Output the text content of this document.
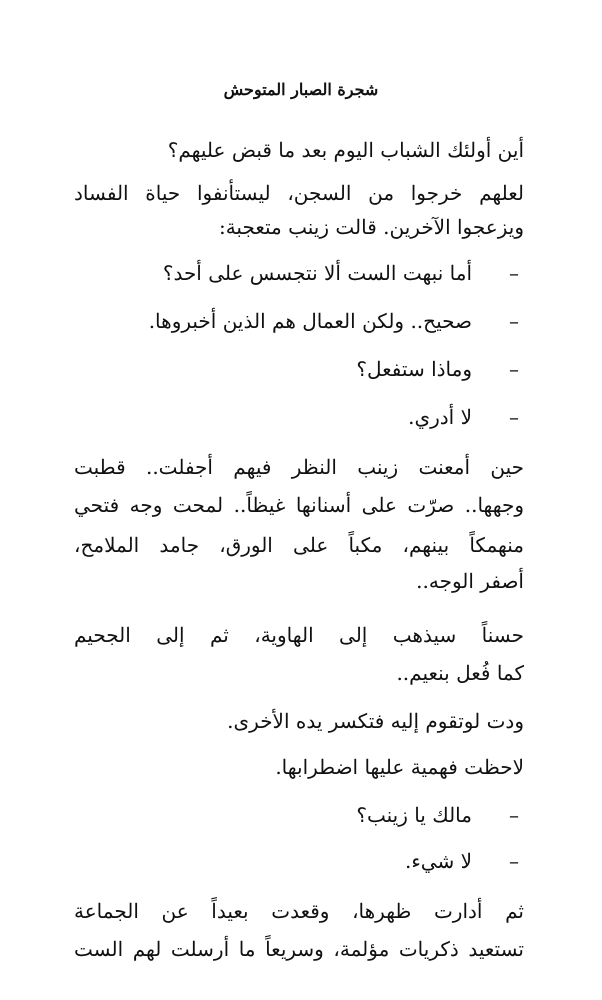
شجرة الصبار المتوحش
أين أولئك الشباب اليوم بعد ما قبض عليهم؟
لعلهم خرجوا من السجن، ليستأنفوا حياة الفساد
ويزعجوا الآخرين. قالت زينب متعجبة:
–
أما نبهت الست ألا نتجسس على أحد؟
–
صحيح.. ولكن العمال هم الذين أخبروها.
–
وماذا ستفعل؟
–
لا أدري.
حين أمعنت زينب النظر فيهم أجفلت.. قطبت
وجهها.. صرّت على أسنانها غيظاً.. لمحت وجه فتحي
منهمكاً بينهم، مكباً على الورق، جامد الملامح،
أصفر الوجه..
حسناً سيذهب إلى الهاوية، ثم إلى الجحيم
كما فُعل بنعيم..
ودت لوتقوم إليه فتكسر يده الأخرى.
لاحظت فهمية عليها اضطرابها.
–
مالك يا زينب؟
–
لا شيء.
ثم أدارت ظهرها، وقعدت بعيداً عن الجماعة
تستعيد ذكريات مؤلمة، وسريعاً ما أرسلت لهم الست
